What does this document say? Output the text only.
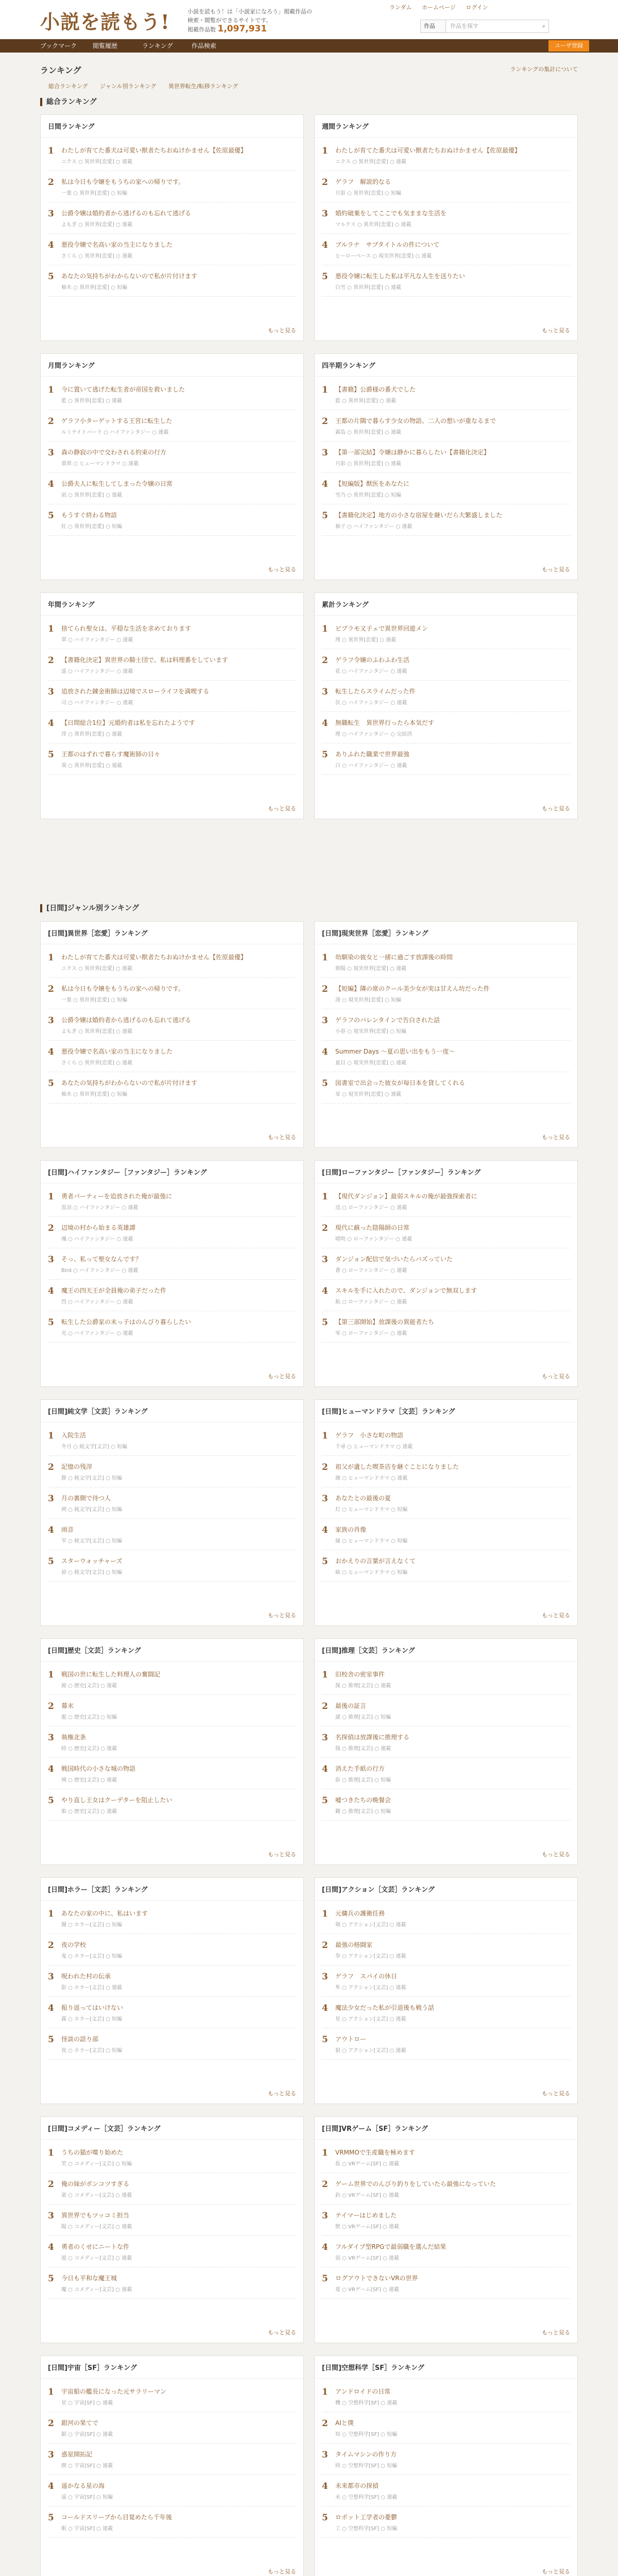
小説を読もう!	小説を読もう！は「小説家になろう」掲載作品の
検索・閲覧ができるサイトです。
掲載作品数 1,097,931
ランダム ホームページ ログイン
作品	作品を探す	⌕
ブックマーク	閲覧履歴	ランキング	作品検索	ユーザ登録
ランキング	ランキングの集計について
総合ランキング ジャンル別ランキング 異世界転生/転移ランキング
総合ランキング
[日間]ジャンル別ランキング
日間ランキング
1	わたしが育てた番犬は可愛い獣者たちおぬけかません【佐原最優】
ニクス ○ 異世界[恋愛] ○ 連載
2	私は今日も令嬢をもうちの家への帰りです。
一葉 ○ 異世界[恋愛] ○ 短編
3	公爵令嬢は婚約者から逃げるのも忘れて逃げる
よもぎ ○ 異世界[恋愛] ○ 連載
4	悪役令嬢で名高い家の当主になりました
さくら ○ 異世界[恋愛] ○ 連載
5	あなたの気持ちがわからないので私が片付けます
柚木 ○ 異世界[恋愛] ○ 短編
もっと見る
週間ランキング
1	わたしが育てた番犬は可愛い獣者たちおぬけかません【佐原最優】
ニクス ○ 異世界[恋愛] ○ 連載
2	ゲラフ　解説的なる
月影 ○ 異世界[恋愛] ○ 短編
3	婚約破棄をしてここでも気ままな生活を
マルクス ○ 異世界[恋愛] ○ 連載
4	ブルラナ　サブタイトルの件について
ヒーローベース ○ 現実世界[恋愛] ○ 連載
5	悪役令嬢に転生した私は平凡な人生を送りたい
白雪 ○ 異世界[恋愛] ○ 連載
もっと見る
月間ランキング
1	今に置いて逃げた転生者が帝国を救いました
藍 ○ 異世界[恋愛] ○ 連載
2	ゲラフ小ターゲットする王宮に転生した
ルミナイトバード ○ ハイファンタジー ○ 連載
3	森の静寂の中で交わされる約束の行方
翡翠 ○ ヒューマンドラマ ○ 連載
4	公爵夫人に転生してしまった令嬢の日常
凪 ○ 異世界[恋愛] ○ 連載
5	もうすぐ終わる物語
紅 ○ 異世界[恋愛] ○ 短編
もっと見る
四半期ランキング
1	【書籍】公爵様の番犬でした
藍 ○ 異世界[恋愛] ○ 連載
2	王都の片隅で暮らす少女の物語、二人の想いが重なるまで
霧島 ○ 異世界[恋愛] ○ 連載
3	【第一部完結】令嬢は静かに暮らしたい【書籍化決定】
月影 ○ 異世界[恋愛] ○ 連載
4	【短編版】獣医をあなたに
雪乃 ○ 異世界[恋愛] ○ 短編
5	【書籍化決定】地方の小さな宿屋を継いだら大繁盛しました
柚子 ○ ハイファンタジー ○ 連載
もっと見る
年間ランキング
1	捨てられ聖女は、平穏な生活を求めております
翠 ○ ハイファンタジー ○ 連載
2	【書籍化決定】異世界の騎士団で、私は料理番をしています
遥 ○ ハイファンタジー ○ 連載
3	追放された錬金術師は辺境でスローライフを満喫する
司 ○ ハイファンタジー ○ 連載
4	【日間総合1位】元婚約者は私を忘れたようです
澪 ○ 異世界[恋愛] ○ 連載
5	王都のはずれで暮らす魔術師の日々
葵 ○ 異世界[恋愛] ○ 連載
もっと見る
累計ランキング
1	ビブラモ又子ェで異世界回遊メン
理 ○ 異世界[恋愛] ○ 連載
2	ゲラフ令嬢のふわふわ生活
花 ○ ハイファンタジー ○ 連載
3	転生したらスライムだった件
伏 ○ ハイファンタジー ○ 連載
4	無職転生　異世界行ったら本気だす
理 ○ ハイファンタジー ○ 完結済
5	ありふれた職業で世界最強
白 ○ ハイファンタジー ○ 連載
もっと見る
[日間]異世界［恋愛］ランキング
1	わたしが育てた番犬は可愛い獣者たちおぬけかません【佐原最優】
ニクス ○ 異世界[恋愛] ○ 連載
2	私は今日も令嬢をもうちの家への帰りです。
一葉 ○ 異世界[恋愛] ○ 短編
3	公爵令嬢は婚約者から逃げるのも忘れて逃げる
よもぎ ○ 異世界[恋愛] ○ 連載
4	悪役令嬢で名高い家の当主になりました
さくら ○ 異世界[恋愛] ○ 連載
5	あなたの気持ちがわからないので私が片付けます
柚木 ○ 異世界[恋愛] ○ 短編
もっと見る
[日間]現実世界［恋愛］ランキング
1	幼馴染の彼女と一緒に過ごす放課後の時間
朝陽 ○ 現実世界[恋愛] ○ 連載
2	【短編】隣の席のクール美少女が実は甘えん坊だった件
湊 ○ 現実世界[恋愛] ○ 短編
3	ゲラフのバレンタインで告白された話
小春 ○ 現実世界[恋愛] ○ 短編
4	Summer Days ～夏の思い出をもう一度～
夏目 ○ 現実世界[恋愛] ○ 連載
5	図書室で出会った彼女が毎日本を貸してくれる
栞 ○ 現実世界[恋愛] ○ 連載
もっと見る
[日間]ハイファンタジー［ファンタジー］ランキング
1	勇者パーティーを追放された俺が最強に
黒羽 ○ ハイファンタジー ○ 連載
2	辺境の村から始まる英雄譚
颯 ○ ハイファンタジー ○ 連載
3	そっ、私って聖女なんです？
Bird ○ ハイファンタジー ○ 連載
4	魔王の四天王が全員俺の弟子だった件
烈 ○ ハイファンタジー ○ 連載
5	転生した公爵家の末っ子はのんびり暮らしたい
光 ○ ハイファンタジー ○ 連載
もっと見る
[日間]ローファンタジー［ファンタジー］ランキング
1	【現代ダンジョン】最弱スキルの俺が最強探索者に
迅 ○ ローファンタジー ○ 連載
2	現代に蘇った陰陽師の日常
晴明 ○ ローファンタジー ○ 連載
3	ダンジョン配信で気づいたらバズっていた
蒼 ○ ローファンタジー ○ 連載
4	スキルを手に入れたので、ダンジョンで無双します
航 ○ ローファンタジー ○ 連載
5	【第三部開始】放課後の異能者たち
零 ○ ローファンタジー ○ 連載
もっと見る
[日間]純文学［文芸］ランキング
1	入院生活
冬月 ○ 純文学[文芸] ○ 短編
2	記憶の残滓
静 ○ 純文学[文芸] ○ 短編
3	月の裏側で待つ人
朔 ○ 純文学[文芸] ○ 短編
4	雨音
雫 ○ 純文学[文芸] ○ 短編
5	スターウォッチャーズ
昴 ○ 純文学[文芸] ○ 短編
もっと見る
[日間]ヒューマンドラマ［文芸］ランキング
1	ゲラフ　小さな町の物語
千尋 ○ ヒューマンドラマ ○ 連載
2	祖父が遺した喫茶店を継ぐことになりました
珈 ○ ヒューマンドラマ ○ 連載
3	あなたとの最後の夏
灯 ○ ヒューマンドラマ ○ 短編
4	家族の肖像
縁 ○ ヒューマンドラマ ○ 短編
5	おかえりの言葉が言えなくて
紬 ○ ヒューマンドラマ ○ 短編
もっと見る
[日間]歴史［文芸］ランキング
1	戦国の世に転生した料理人の奮闘記
源 ○ 歴史[文芸] ○ 連載
2	幕末
龍 ○ 歴史[文芸] ○ 短編
3	執権北条
時 ○ 歴史[文芸] ○ 連載
4	戦国時代の小さな城の物語
城 ○ 歴史[文芸] ○ 連載
5	やり直し王女はクーデターを阻止したい
姫 ○ 歴史[文芸] ○ 連載
もっと見る
[日間]推理［文芸］ランキング
1	旧校舎の密室事件
探 ○ 推理[文芸] ○ 連載
2	最後の証言
謎 ○ 推理[文芸] ○ 短編
3	名探偵は放課後に推理する
探 ○ 推理[文芸] ○ 連載
4	消えた手紙の行方
影 ○ 推理[文芸] ○ 短編
5	嘘つきたちの晩餐会
鍵 ○ 推理[文芸] ○ 短編
もっと見る
[日間]ホラー［文芸］ランキング
1	あなたの家の中に、私はいます
闇 ○ ホラー[文芸] ○ 短編
2	夜の学校
鬼 ○ ホラー[文芸] ○ 短編
3	呪われた村の伝承
影 ○ ホラー[文芸] ○ 連載
4	振り返ってはいけない
霧 ○ ホラー[文芸] ○ 短編
5	怪談の語り部
夜 ○ ホラー[文芸] ○ 短編
もっと見る
[日間]アクション［文芸］ランキング
1	元傭兵の護衛任務
剣 ○ アクション[文芸] ○ 連載
2	最強の格闘家
拳 ○ アクション[文芸] ○ 連載
3	ゲラフ　スパイの休日
隼 ○ アクション[文芸] ○ 連載
4	魔法少女だった私が引退後も戦う話
星 ○ アクション[文芸] ○ 連載
5	アウトロー
狼 ○ アクション[文芸] ○ 連載
もっと見る
[日間]コメディー［文芸］ランキング
1	うちの猫が喋り始めた
笑 ○ コメディー[文芸] ○ 短編
2	俺の妹がポンコツすぎる
楽 ○ コメディー[文芸] ○ 連載
3	異世界でもツッコミ担当
陽 ○ コメディー[文芸] ○ 連載
4	勇者のくせにニートな件
遊 ○ コメディー[文芸] ○ 連載
5	今日も平和な魔王城
魔 ○ コメディー[文芸] ○ 連載
もっと見る
[日間]VRゲーム［SF］ランキング
1	VRMMOで生産職を極めます
仮 ○ VRゲーム[SF] ○ 連載
2	ゲーム世界でのんびり釣りをしていたら最強になっていた
釣 ○ VRゲーム[SF] ○ 連載
3	テイマーはじめました
獣 ○ VRゲーム[SF] ○ 連載
4	フルダイブ型RPGで最弱職を選んだ結果
弱 ○ VRゲーム[SF] ○ 連載
5	ログアウトできないVRの世界
電 ○ VRゲーム[SF] ○ 連載
もっと見る
[日間]宇宙［SF］ランキング
1	宇宙船の艦長になった元サラリーマン
星 ○ 宇宙[SF] ○ 連載
2	銀河の果てで
銀 ○ 宇宙[SF] ○ 連載
3	惑星開拓記
開 ○ 宇宙[SF] ○ 連載
4	遥かなる星の海
遥 ○ 宇宙[SF] ○ 短編
5	コールドスリープから目覚めたら千年後
眠 ○ 宇宙[SF] ○ 連載
もっと見る
[日間]空想科学［SF］ランキング
1	アンドロイドの日常
機 ○ 空想科学[SF] ○ 連載
2	AIと僕
知 ○ 空想科学[SF] ○ 短編
3	タイムマシンの作り方
時 ○ 空想科学[SF] ○ 短編
4	未来都市の探偵
未 ○ 空想科学[SF] ○ 連載
5	ロボット工学者の憂鬱
工 ○ 空想科学[SF] ○ 短編
もっと見る
